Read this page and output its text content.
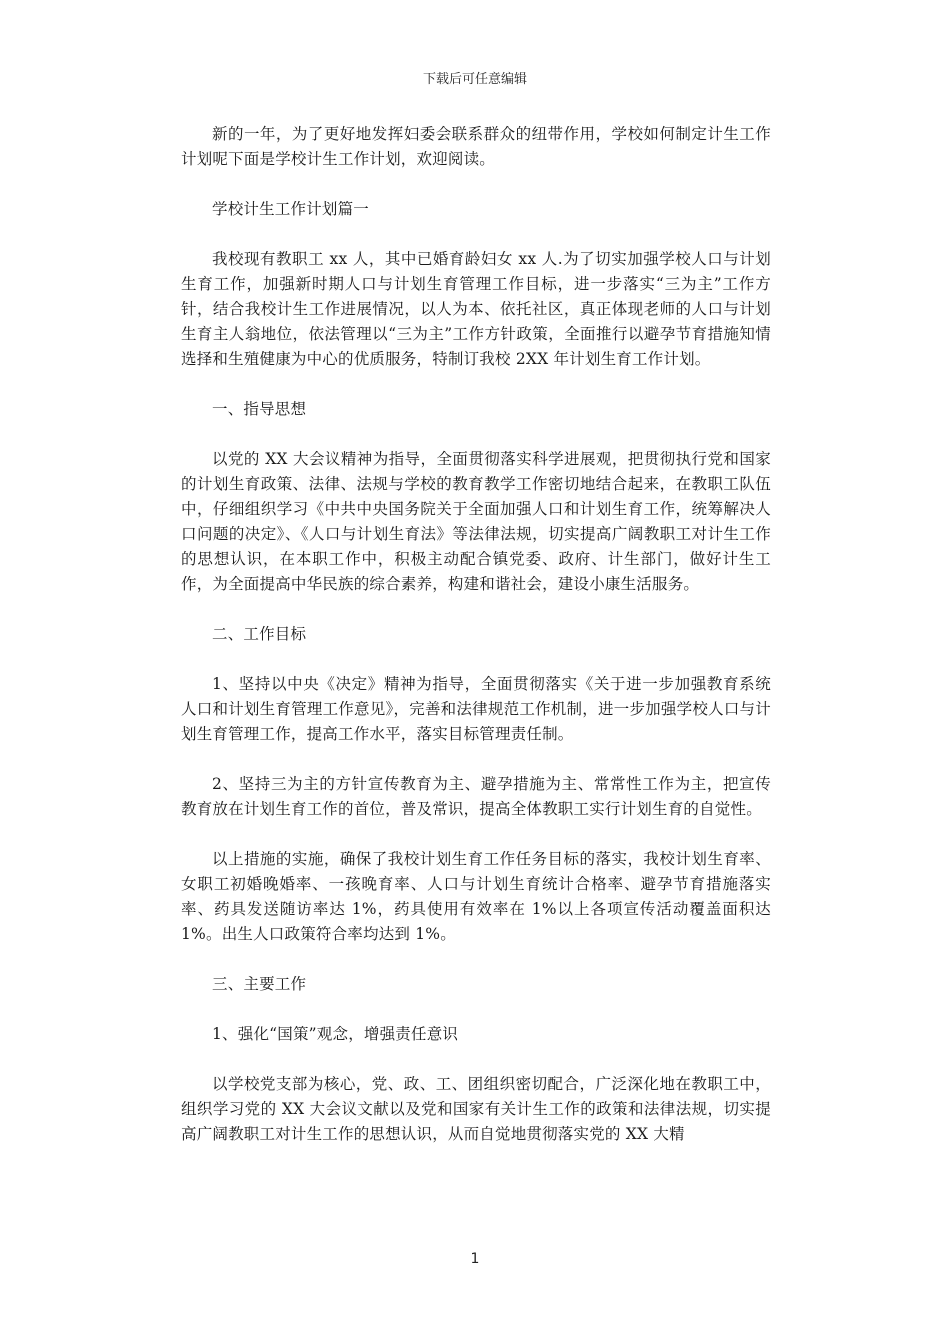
下载后可任意编辑

新的一年，为了更好地发挥妇委会联系群众的纽带作用，学校如何制定计生工作计划呢下面是学校计生工作计划，欢迎阅读。

学校计生工作计划篇一

我校现有教职工 xx 人，其中已婚育龄妇女 xx 人.为了切实加强学校人口与计划生育工作，加强新时期人口与计划生育管理工作目标，进一步落实“三为主”工作方针，结合我校计生工作进展情况，以人为本、依托社区，真正体现老师的人口与计划生育主人翁地位，依法管理以“三为主”工作方针政策，全面推行以避孕节育措施知情选择和生殖健康为中心的优质服务，特制订我校 2XX 年计划生育工作计划。

一、指导思想

以党的 XX 大会议精神为指导，全面贯彻落实科学进展观，把贯彻执行党和国家的计划生育政策、法律、法规与学校的教育教学工作密切地结合起来，在教职工队伍中，仔细组织学习《中共中央国务院关于全面加强人口和计划生育工作，统筹解决人口问题的决定》、《人口与计划生育法》等法律法规，切实提高广阔教职工对计生工作的思想认识，在本职工作中，积极主动配合镇党委、政府、计生部门，做好计生工作，为全面提高中华民族的综合素养，构建和谐社会，建设小康生活服务。

二、工作目标

1、坚持以中央《决定》精神为指导，全面贯彻落实《关于进一步加强教育系统人口和计划生育管理工作意见》，完善和法律规范工作机制，进一步加强学校人口与计划生育管理工作，提高工作水平，落实目标管理责任制。

2、坚持三为主的方针宣传教育为主、避孕措施为主、常常性工作为主，把宣传教育放在计划生育工作的首位，普及常识，提高全体教职工实行计划生育的自觉性。

以上措施的实施，确保了我校计划生育工作任务目标的落实，我校计划生育率、女职工初婚晚婚率、一孩晚育率、人口与计划生育统计合格率、避孕节育措施落实率、药具发送随访率达 1%，药具使用有效率在 1%以上各项宣传活动覆盖面积达 1%。出生人口政策符合率均达到 1%。

三、主要工作

1、强化“国策”观念，增强责任意识

以学校党支部为核心，党、政、工、团组织密切配合，广泛深化地在教职工中，组织学习党的 XX 大会议文献以及党和国家有关计生工作的政策和法律法规，切实提高广阔教职工对计生工作的思想认识，从而自觉地贯彻落实党的 XX 大精

1
